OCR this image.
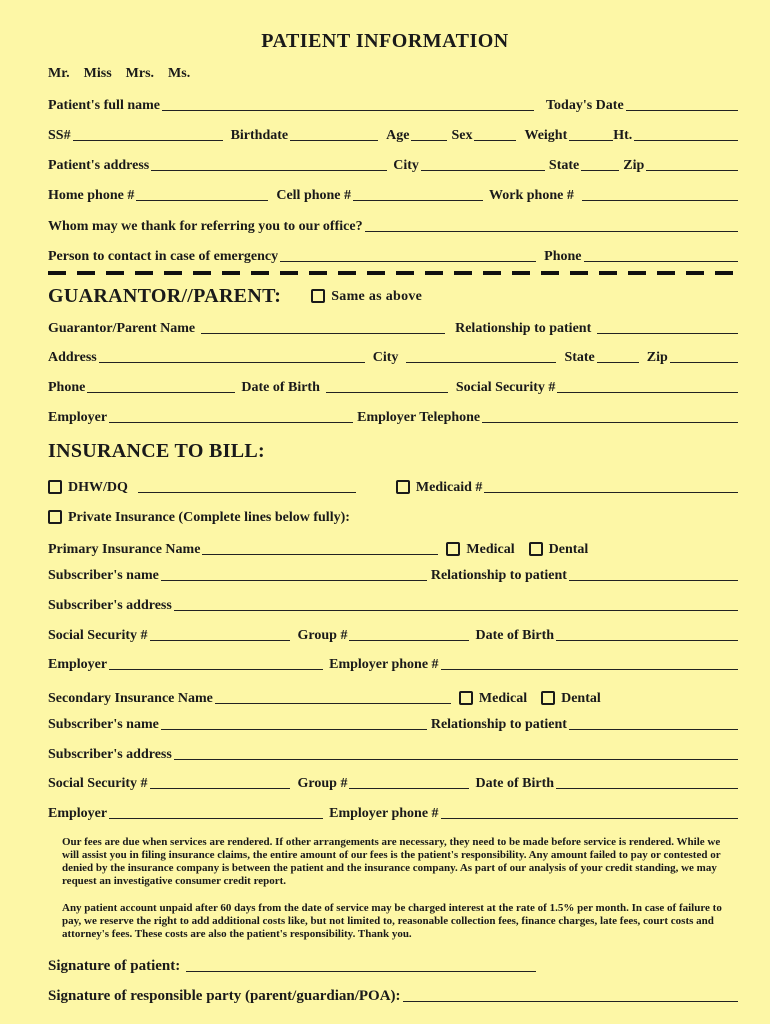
PATIENT INFORMATION
Mr. Miss Mrs. Ms.
Patient's full name	Today's Date
SS#	Birthdate	Age	Sex	Weight	Ht.
Patient's address	City	State	Zip
Home phone #	Cell phone #	Work phone #
Whom may we thank for referring you to our office?
Person to contact in case of emergency	Phone
GUARANTOR//PARENT:	Same as above
Guarantor/Parent Name	Relationship to patient
Address	City	State	Zip
Phone	Date of Birth	Social Security #
Employer	Employer Telephone
INSURANCE TO BILL:
DHW/DQ	Medicaid #
Private Insurance (Complete lines below fully):
Primary Insurance Name	Medical Dental
Subscriber's name	Relationship to patient
Subscriber's address
Social Security #	Group #	Date of Birth
Employer	Employer phone #
Secondary Insurance Name	Medical Dental
Subscriber's name	Relationship to patient
Subscriber's address
Social Security #	Group #	Date of Birth
Employer	Employer phone #
Our fees are due when services are rendered. If other arrangements are necessary, they need to be made before service is rendered. While we will assist you in filing insurance claims, the entire amount of our fees is the patient's responsibility. Any amount failed to pay or contested or denied by the insurance company is between the patient and the insurance company. As part of our analysis of your credit standing, we may request an investigative consumer credit report.
Any patient account unpaid after 60 days from the date of service may be charged interest at the rate of 1.5% per month. In case of failure to pay, we reserve the right to add additional costs like, but not limited to, reasonable collection fees, finance charges, late fees, court costs and attorney's fees. These costs are also the patient's responsibility. Thank you.
Signature of patient:
Signature of responsible party (parent/guardian/POA):
